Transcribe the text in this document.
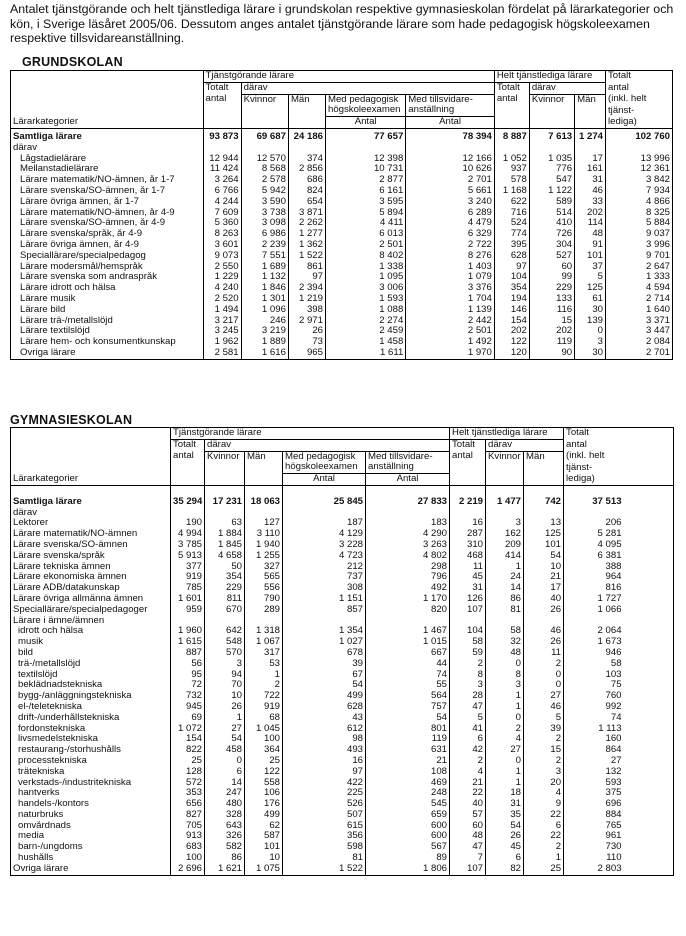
Antalet tjänstgörande och helt tjänstlediga lärare i grundskolan respektive gymnasieskolan fördelat på lärarkategorier och kön, i Sverige läsåret 2005/06. Dessutom anges antalet tjänstgörande lärare som hade pedagogisk högskoleexamen respektive tillsvidareanställning.
GRUNDSKOLAN
	Tjänstgörande lärare					Helt tjänstlediga lärare			Totalt
	Totalt	därav				Totalt	därav		antal
	antal	Kvinnor	Män	Med pedagogisk	Med tillsvidare-	antal	Kvinnor	Män	(inkl. helt
				högskoleexamen	anställning				tjänst-
Lärarkategorier				Antal	Antal				lediga)

Samtliga lärare	93 873	69 687	24 186	77 657	78 394	8 887	7 613	1 274	102 760
därav									
Lågstadielärare	12 944	12 570	374	12 398	12 166	1 052	1 035	17	13 996
Mellanstadielärare	11 424	8 568	2 856	10 731	10 626	937	776	161	12 361
Lärare matematik/NO-ämnen, år 1-7	3 264	2 578	686	2 877	2 701	578	547	31	3 842
Lärare svenska/SO-ämnen, år 1-7	6 766	5 942	824	6 161	5 661	1 168	1 122	46	7 934
Lärare övriga ämnen, år 1-7	4 244	3 590	654	3 595	3 240	622	589	33	4 866
Lärare matematik/NO-ämnen, år 4-9	7 609	3 738	3 871	5 894	6 289	716	514	202	8 325
Lärare svenska/SO-ämnen, år 4-9	5 360	3 098	2 262	4 411	4 479	524	410	114	5 884
Lärare svenska/språk, år 4-9	8 263	6 986	1 277	6 013	6 329	774	726	48	9 037
Lärare övriga ämnen, år 4-9	3 601	2 239	1 362	2 501	2 722	395	304	91	3 996
Speciallärare/specialpedagog	9 073	7 551	1 522	8 402	8 276	628	527	101	9 701
Lärare modersmål/hemspråk	2 550	1 689	861	1 338	1 403	97	60	37	2 647
Lärare svenska som andraspråk	1 229	1 132	97	1 095	1 079	104	99	5	1 333
Lärare idrott och hälsa	4 240	1 846	2 394	3 006	3 376	354	229	125	4 594
Lärare musik	2 520	1 301	1 219	1 593	1 704	194	133	61	2 714
Lärare bild	1 494	1 096	398	1 088	1 139	146	116	30	1 640
Lärare trä-/metallslöjd	3 217	246	2 971	2 274	2 442	154	15	139	3 371
Lärare textilslöjd	3 245	3 219	26	2 459	2 501	202	202	0	3 447
Lärare hem- och konsumentkunskap	1 962	1 889	73	1 458	1 492	122	119	3	2 084
Övriga lärare	2 581	1 616	965	1 611	1 970	120	90	30	2 701
GYMNASIESKOLAN
	Tjänstgörande lärare					Helt tjänstlediga lärare			Totalt	
	Totalt	därav				Totalt	därav		antal	
	antal	Kvinnor	Män	Med pedagogisk	Med tillsvidare-	antal	Kvinnor	Män	(inkl. helt	
				högskoleexamen	anställning				tjänst-	
Lärarkategorier				Antal	Antal				lediga)	

Samtliga lärare	35 294	17 231	18 063	25 845	27 833	2 219	1 477	742	37 513	
därav										
Lektorer	190	63	127	187	183	16	3	13	206	
Lärare matematik/NO-ämnen	4 994	1 884	3 110	4 129	4 290	287	162	125	5 281	
Lärare svenska/SO-ämnen	3 785	1 845	1 940	3 228	3 263	310	209	101	4 095	
Lärare svenska/språk	5 913	4 658	1 255	4 723	4 802	468	414	54	6 381	
Lärare tekniska ämnen	377	50	327	212	298	11	1	10	388	
Lärare ekonomiska ämnen	919	354	565	737	796	45	24	21	964	
Lärare ADB/datakunskap	785	229	556	308	492	31	14	17	816	
Lärare övriga allmänna ämnen	1 601	811	790	1 151	1 170	126	86	40	1 727	
Speciallärare/specialpedagoger	959	670	289	857	820	107	81	26	1 066	
Lärare i ämne/ämnen										
idrott och hälsa	1 960	642	1 318	1 354	1 467	104	58	46	2 064	
musik	1 615	548	1 067	1 027	1 015	58	32	26	1 673	
bild	887	570	317	678	667	59	48	11	946	
trä-/metallslöjd	56	3	53	39	44	2	0	2	58	
textilslöjd	95	94	1	67	74	8	8	0	103	
beklädnadstekniska	72	70	2	54	55	3	3	0	75	
bygg-/anläggningstekniska	732	10	722	499	564	28	1	27	760	
el-/teletekniska	945	26	919	628	757	47	1	46	992	
drift-/underhållstekniska	69	1	68	43	54	5	0	5	74	
fordonstekniska	1 072	27	1 045	612	801	41	2	39	1 113	
livsmedelstekniska	154	54	100	98	119	6	4	2	160	
restaurang-/storhushålls	822	458	364	493	631	42	27	15	864	
processtekniska	25	0	25	16	21	2	0	2	27	
trätekniska	128	6	122	97	108	4	1	3	132	
verkstads-/industritekniska	572	14	558	422	469	21	1	20	593	
hantverks	353	247	106	225	248	22	18	4	375	
handels-/kontors	656	480	176	526	545	40	31	9	696	
naturbruks	827	328	499	507	659	57	35	22	884	
omvårdnads	705	643	62	615	600	60	54	6	765	
media	913	326	587	356	600	48	26	22	961	
barn-/ungdoms	683	582	101	598	567	47	45	2	730	
hushålls	100	86	10	81	89	7	6	1	110	
Övriga lärare	2 696	1 621	1 075	1 522	1 806	107	82	25	2 803	
